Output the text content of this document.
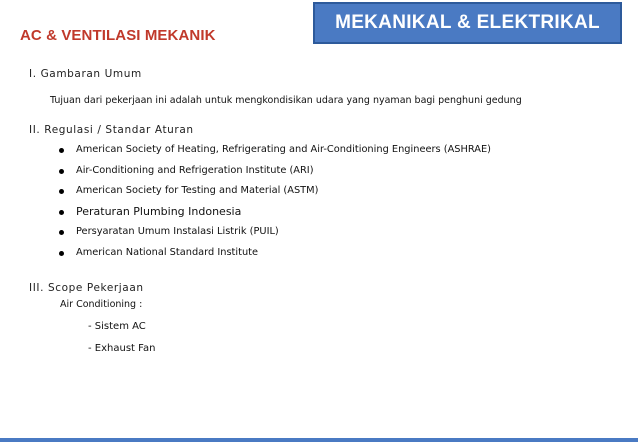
AC & VENTILASI MEKANIK
MEKANIKAL & ELEKTRIKAL
I. Gambaran Umum
Tujuan dari pekerjaan ini adalah untuk mengkondisikan udara yang nyaman bagi penghuni gedung
II. Regulasi / Standar Aturan
American Society of Heating, Refrigerating and Air-Conditioning Engineers (ASHRAE)
Air-Conditioning and Refrigeration Institute (ARI)
American Society for Testing and Material (ASTM)
Peraturan Plumbing Indonesia
Persyaratan Umum Instalasi Listrik (PUIL)
American National Standard Institute
III. Scope Pekerjaan
Air Conditioning :
- Sistem AC
- Exhaust Fan
